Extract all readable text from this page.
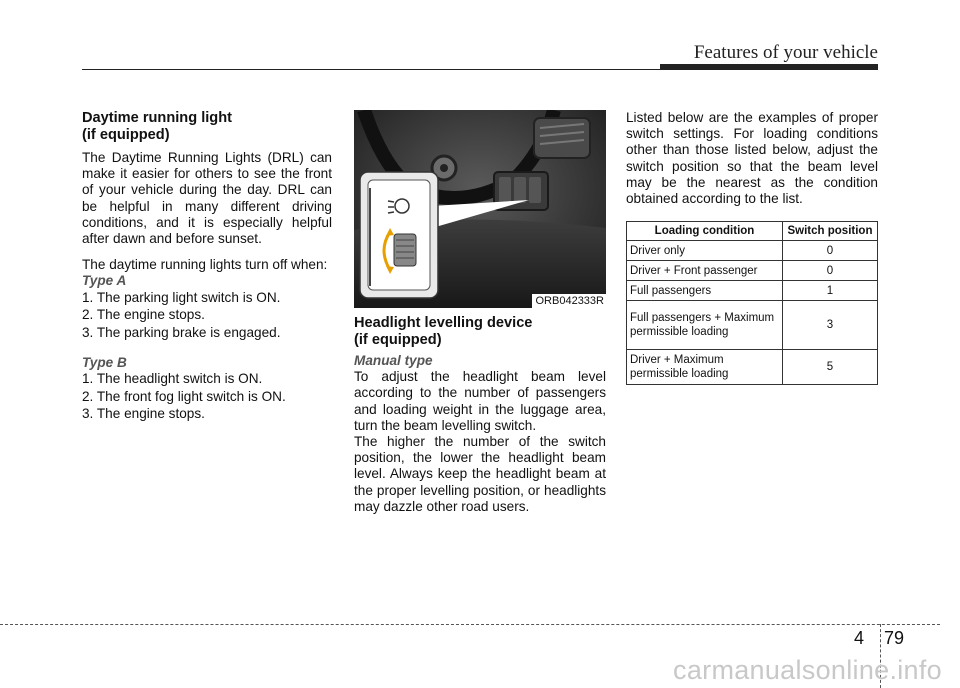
Features of your vehicle
Daytime running light
(if equipped)

The Daytime Running Lights (DRL) can make it easier for others to see the front of your vehicle during the day. DRL can be helpful in many different driving conditions, and it is especially helpful after dawn and before sunset.

The daytime running lights turn off when:

Type A

1. The parking light switch is ON.
2. The engine stops.
3. The parking brake is engaged.

Type B

1. The headlight switch is ON.
2. The front fog light switch is ON.
3. The engine stops.
ORB042333R
Headlight levelling device
(if equipped)

Manual type

To adjust the headlight beam level according to the number of passengers and loading weight in the luggage area, turn the beam levelling switch.

The higher the number of the switch position, the lower the headlight beam level. Always keep the headlight beam at the proper levelling position, or headlights may dazzle other road users.

Listed below are the examples of proper switch settings. For loading conditions other than those listed below, adjust the switch position so that the beam level may be the nearest as the condition obtained according to the list.

Loading condition	Switch position
Driver only	0
Driver + Front passenger	0
Full passengers	1
Full passengers + Maximum permissible loading	3
Driver + Maximum permissible loading	5
4 79
carmanualsonline.info
